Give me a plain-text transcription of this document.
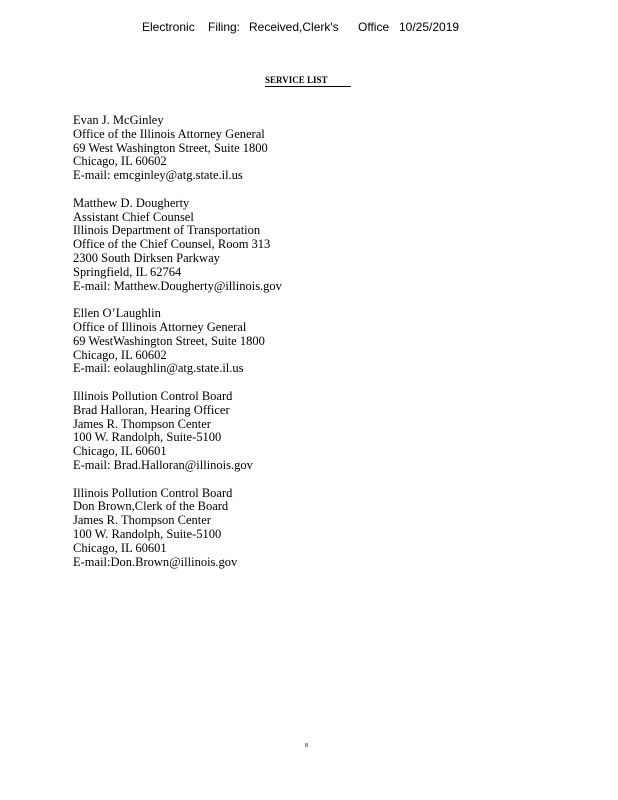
Electronic Filing: Received,Clerk's Office 10/25/2019
SERVICE LIST
Evan J. McGinley
Office of the Illinois Attorney General
69 West Washington Street, Suite 1800
Chicago, IL 60602
E-mail: emcginley@atg.state.il.us
Matthew D. Dougherty
Assistant Chief Counsel
Illinois Department of Transportation
Office of the Chief Counsel, Room 313
2300 South Dirksen Parkway
Springfield, IL 62764
E-mail: Matthew.Dougherty@illinois.gov
Ellen O’Laughlin
Office of Illinois Attorney General
69 WestWashington Street, Suite 1800
Chicago, IL 60602
E-mail: eolaughlin@atg.state.il.us
Illinois Pollution Control Board
Brad Halloran, Hearing Officer
James R. Thompson Center
100 W. Randolph, Suite-5100
Chicago, IL 60601
E-mail: Brad.Halloran@illinois.gov
Illinois Pollution Control Board
Don Brown,Clerk of the Board
James R. Thompson Center
100 W. Randolph, Suite-5100
Chicago, IL 60601
E-mail:Don.Brown@illinois.gov
8
